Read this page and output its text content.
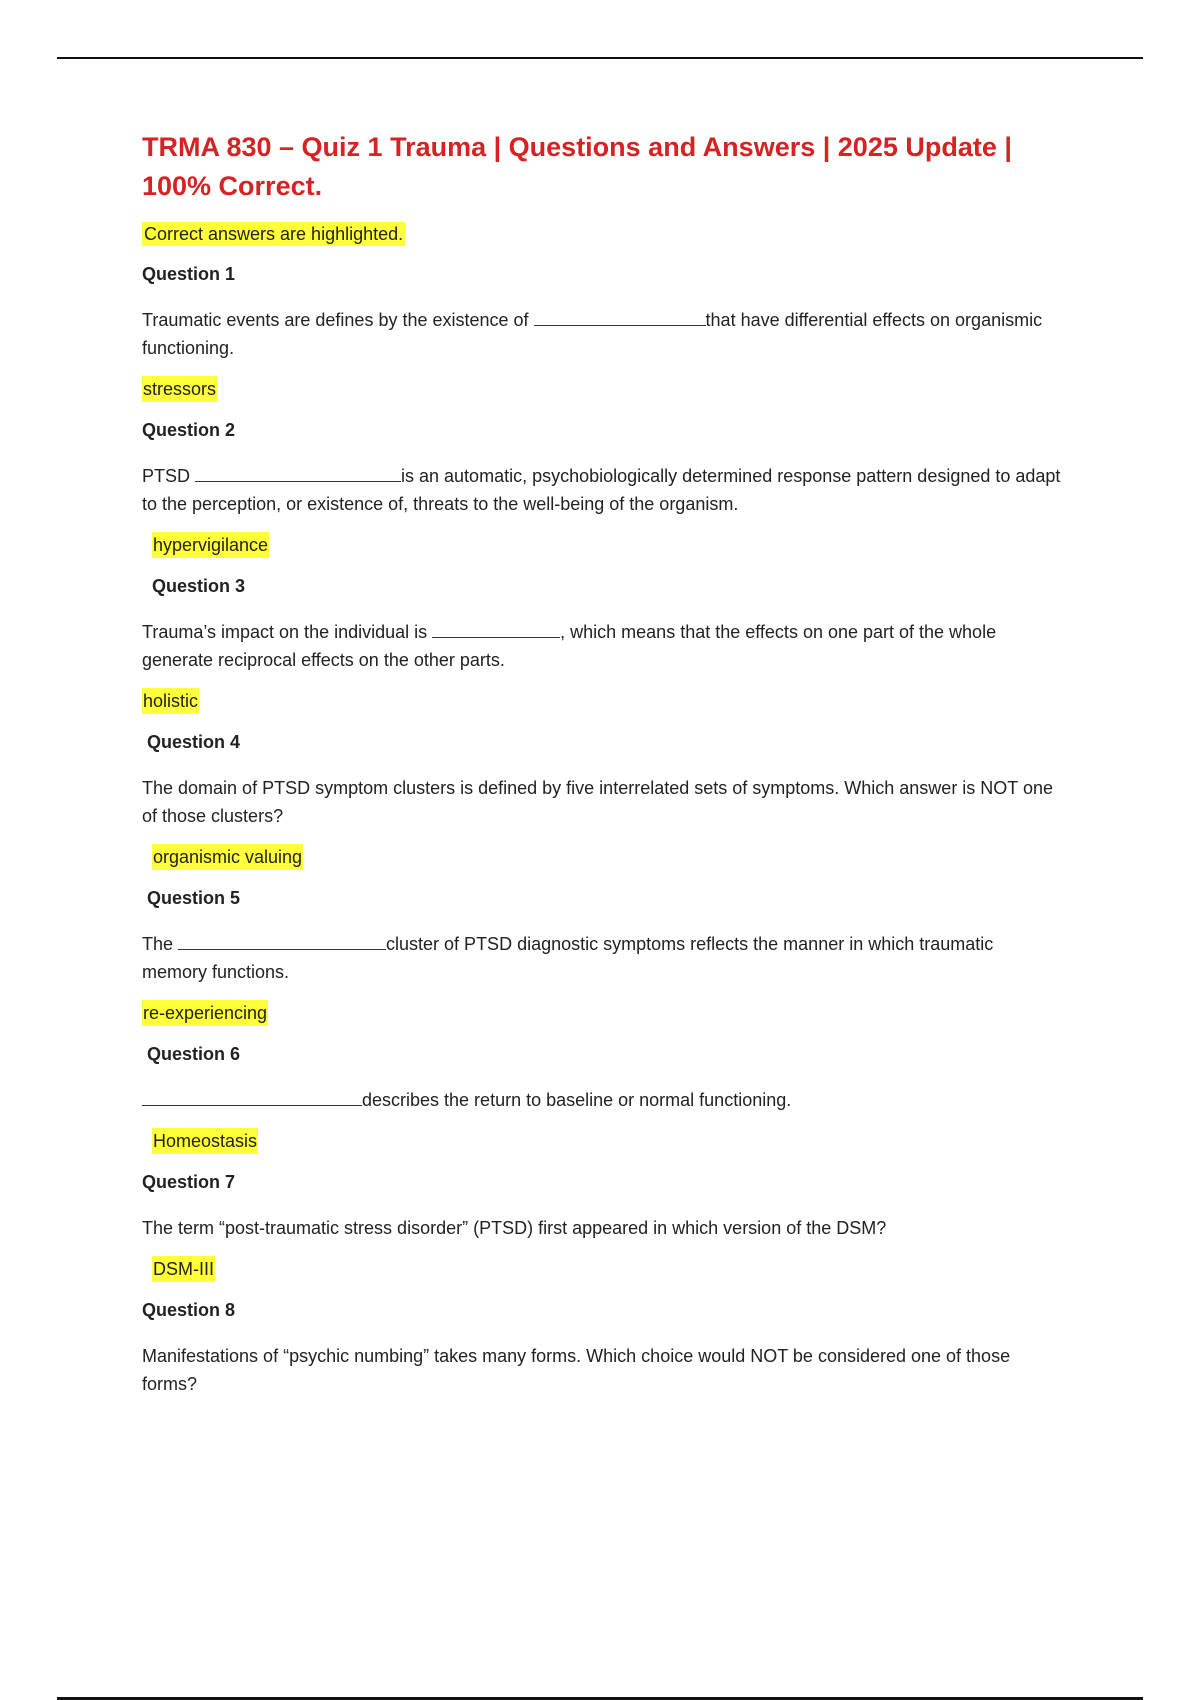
TRMA 830 – Quiz 1 Trauma | Questions and Answers | 2025 Update | 100% Correct.
Correct answers are highlighted.
Question 1
Traumatic events are defines by the existence of	that have differential effects on organismic functioning.
stressors
Question 2
PTSD	is an automatic, psychobiologically determined response pattern designed to adapt to the perception, or existence of, threats to the well-being of the organism.
hypervigilance
Question 3
Trauma’s impact on the individual is	, which means that the effects on one part of the whole generate reciprocal effects on the other parts.
holistic
Question 4
The domain of PTSD symptom clusters is defined by five interrelated sets of symptoms. Which answer is NOT one of those clusters?
organismic valuing
Question 5
The	cluster of PTSD diagnostic symptoms reflects the manner in which traumatic memory functions.
re-experiencing
Question 6
describes the return to baseline or normal functioning.
Homeostasis
Question 7
The term “post-traumatic stress disorder” (PTSD) first appeared in which version of the DSM?
DSM-III
Question 8
Manifestations of “psychic numbing” takes many forms. Which choice would NOT be considered one of those forms?
